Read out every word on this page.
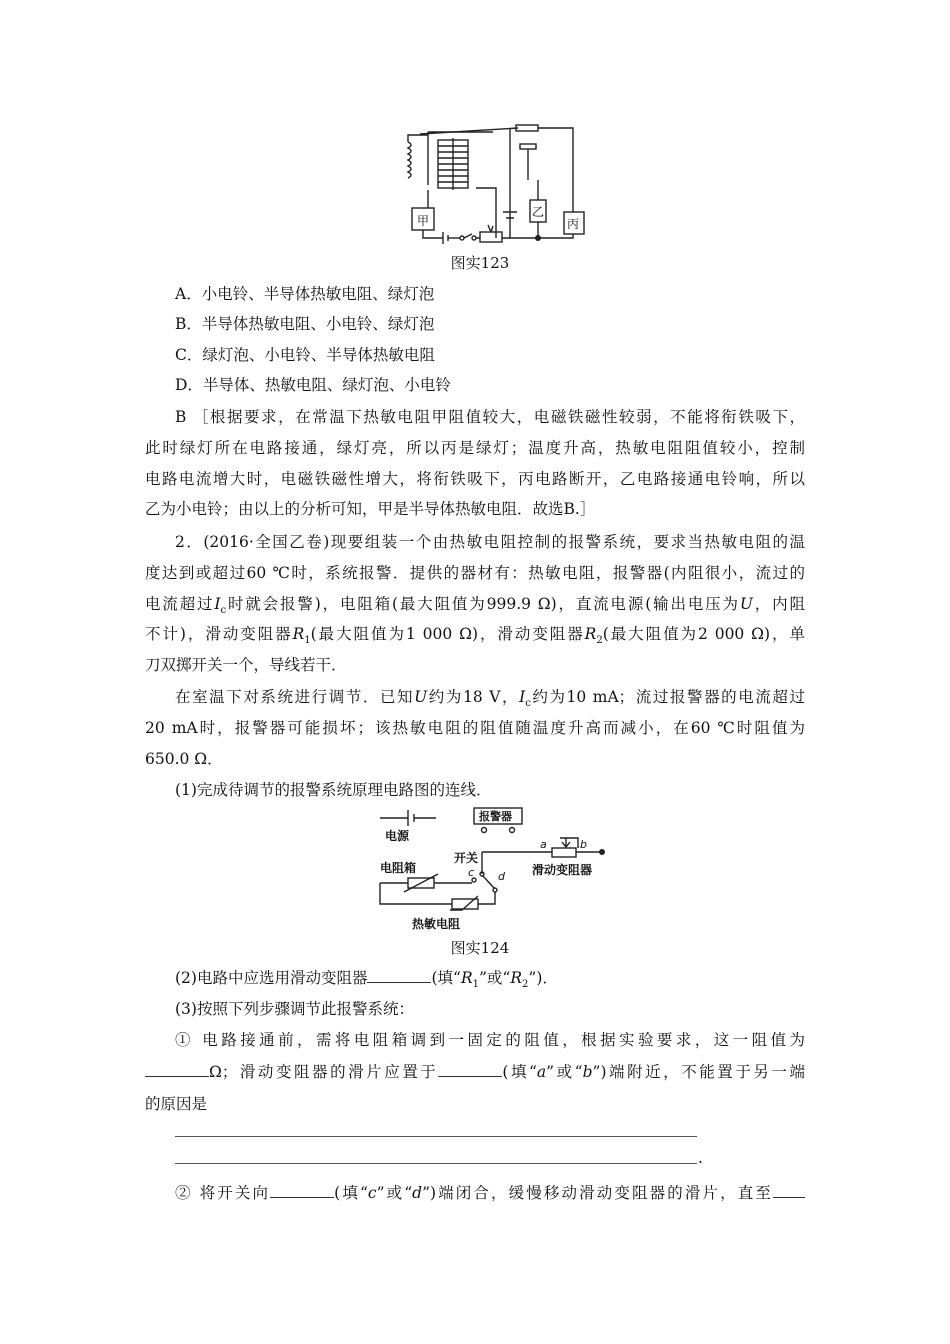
甲
乙
丙
图实123
A．小电铃、半导体热敏电阻、绿灯泡
B．半导体热敏电阻、小电铃、绿灯泡
C．绿灯泡、小电铃、半导体热敏电阻
D．半导体、热敏电阻、绿灯泡、小电铃
B ［根据要求，在常温下热敏电阻甲阻值较大，电磁铁磁性较弱，不能将衔铁吸下，
此时绿灯所在电路接通，绿灯亮，所以丙是绿灯；温度升高，热敏电阻阻值较小，控制
电路电流增大时，电磁铁磁性增大，将衔铁吸下，丙电路断开，乙电路接通电铃响，所以
乙为小电铃；由以上的分析可知，甲是半导体热敏电阻．故选B.］
2．(2016·全国乙卷)现要组装一个由热敏电阻控制的报警系统，要求当热敏电阻的温
度达到或超过60 ℃时，系统报警．提供的器材有：热敏电阻，报警器(内阻很小，流过的
电流超过$I_c$时就会报警)，电阻箱(最大阻值为999.9 Ω)，直流电源(输出电压为U，内阻
不计)，滑动变阻器$R_1$(最大阻值为1 000 Ω)，滑动变阻器$R_2$(最大阻值为2 000 Ω)，单
刀双掷开关一个，导线若干．
在室温下对系统进行调节．已知U约为18 V，$I_c$约为10 mA；流过报警器的电流超过
20 mA时，报警器可能损坏；该热敏电阻的阻值随温度升高而减小，在60 ℃时阻值为
650.0 Ω．
(1)完成待调节的报警系统原理电路图的连线．
电源
报警器
开关
电阻箱
热敏电阻
滑动变阻器
a	b
c d
图实124
(2)电路中应选用滑动变阻器	(填“$R_1$”或“$R_2$”)．
(3)按照下列步骤调节此报警系统：
① 电路接通前，需将电阻箱调到一固定的阻值，根据实验要求，这一阻值为
Ω；滑动变阻器的滑片应置于	(填“a”或“b”)端附近，不能置于另一端
的原因是
.
② 将开关向	(填“c”或“d”)端闭合，缓慢移动滑动变阻器的滑片，直至
